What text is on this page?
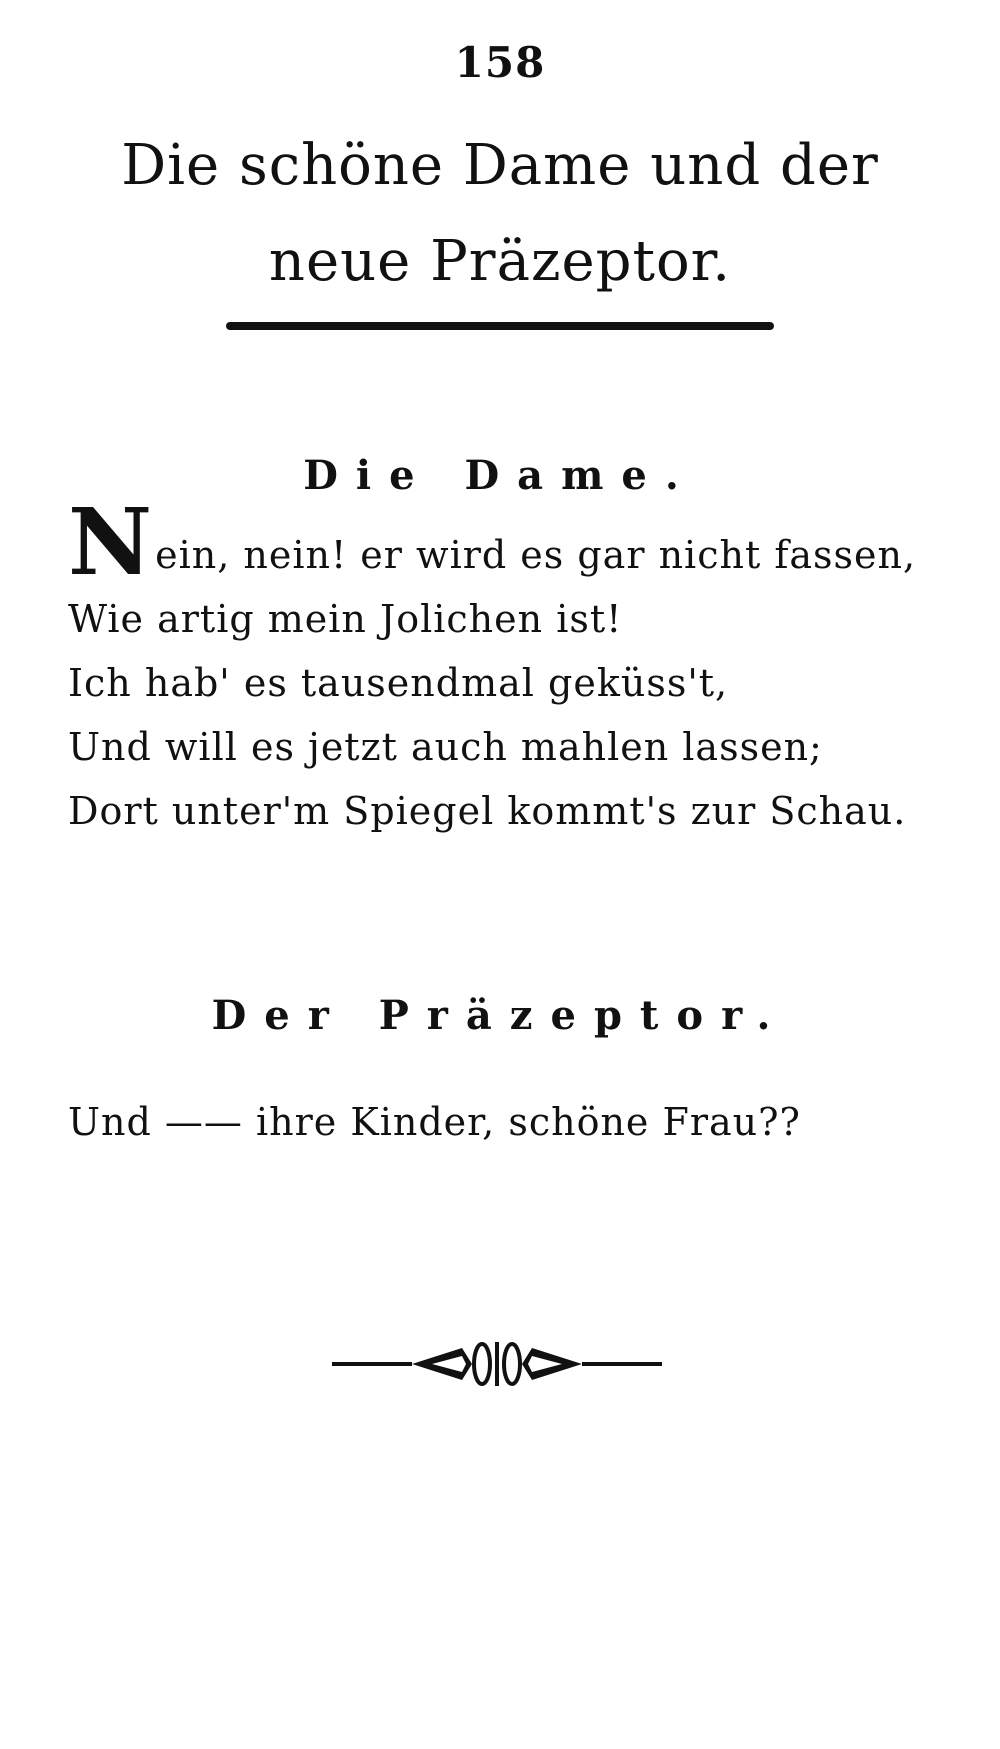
158
Die schöne Dame und der
neue Präzeptor.
Die Dame.
Nein, nein! er wird es gar nicht fassen,
Wie artig mein Jolichen ist!
Ich hab' es tausendmal geküss't,
Und will es jetzt auch mahlen lassen;
Dort unter'm Spiegel kommt's zur Schau.
Der Präzeptor.
Und —— ihre Kinder, schöne Frau??
